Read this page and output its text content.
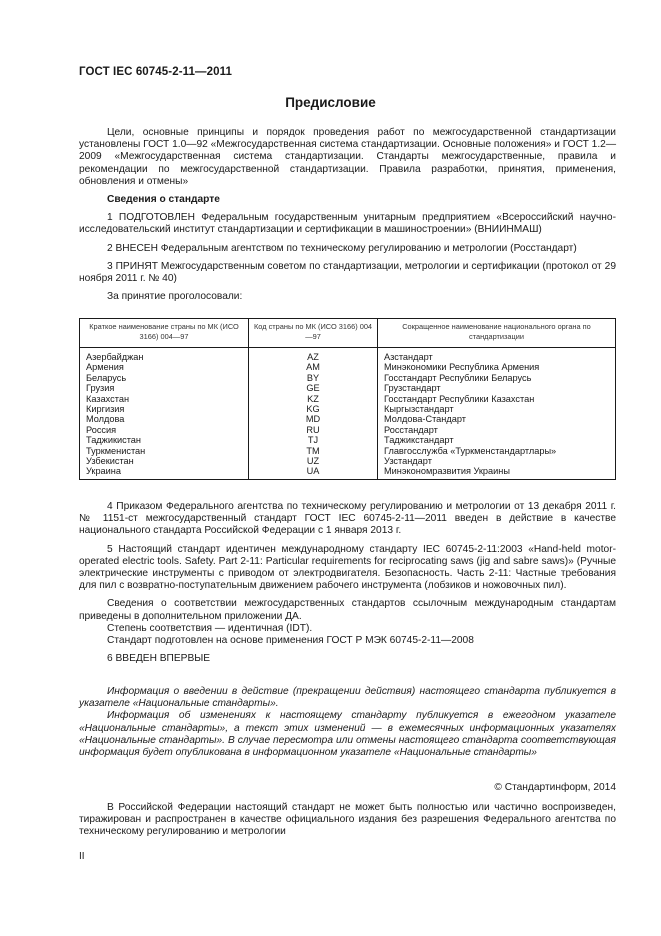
ГОСТ IEC 60745-2-11—2011
Предисловие

Цели, основные принципы и порядок проведения работ по межгосударственной стандартизации установлены ГОСТ 1.0—92 «Межгосударственная система стандартизации. Основные положения» и ГОСТ 1.2—2009 «Межгосударственная система стандартизации. Стандарты межгосударственные, правила и рекомендации по межгосударственной стандартизации. Правила разработки, принятия, применения, обновления и отмены»

Сведения о стандарте

1 ПОДГОТОВЛЕН Федеральным государственным унитарным предприятием «Всероссийский научно-исследовательский институт стандартизации и сертификации в машиностроении» (ВНИИНМАШ)

2 ВНЕСЕН Федеральным агентством по техническому регулированию и метрологии (Росстандарт)

3 ПРИНЯТ Межгосударственным советом по стандартизации, метрологии и сертификации (протокол от 29 ноября 2011 г. № 40)

За принятие проголосовали:

Краткое наименование страны по МК (ИСО 3166) 004—97	Код страны по МК (ИСО 3166) 004—97	Сокращенное наименование национального органа по стандартизации
Азербайджан	AZ	Азстандарт
Армения	AM	Минэкономики Республика Армения
Беларусь	BY	Госстандарт Республики Беларусь
Грузия	GE	Грузстандарт
Казахстан	KZ	Госстандарт Республики Казахстан
Киргизия	KG	Кыргызстандарт
Молдова	MD	Молдова-Стандарт
Россия	RU	Росстандарт
Таджикистан	TJ	Таджикстандарт
Туркменистан	TM	Главгосслужба «Туркменстандартлары»
Узбекистан	UZ	Узстандарт
Украина	UA	Минэкономразвития Украины

4 Приказом Федерального агентства по техническому регулированию и метрологии от 13 декабря 2011 г. № 1151-ст межгосударственный стандарт ГОСТ IEC 60745-2-11—2011 введен в действие в качестве национального стандарта Российской Федерации с 1 января 2013 г.

5 Настоящий стандарт идентичен международному стандарту IEC 60745-2-11:2003 «Hand-held motor-operated electric tools. Safety. Part 2-11: Particular requirements for reciprocating saws (jig and sabre saws)» (Ручные электрические инструменты с приводом от электродвигателя. Безопасность. Часть 2-11: Частные требования для пил с возвратно-поступательным движением рабочего инструмента (лобзиков и ножовочных пил).

Сведения о соответствии межгосударственных стандартов ссылочным международным стандартам приведены в дополнительном приложении ДА.

Степень соответствия — идентичная (IDT).

Стандарт подготовлен на основе применения ГОСТ Р МЭК 60745-2-11—2008

6 ВВЕДЕН ВПЕРВЫЕ

Информация о введении в действие (прекращении действия) настоящего стандарта публикуется в указателе «Национальные стандарты».

Информация об изменениях к настоящему стандарту публикуется в ежегодном указателе «Национальные стандарты», а текст этих изменений — в ежемесячных информационных указателях «Национальные стандарты». В случае пересмотра или отмены настоящего стандарта соответствующая информация будет опубликована в информационном указателе «Национальные стандарты»

© Стандартинформ, 2014

В Российской Федерации настоящий стандарт не может быть полностью или частично воспроизведен, тиражирован и распространен в качестве официального издания без разрешения Федерального агентства по техническому регулированию и метрологии

II
